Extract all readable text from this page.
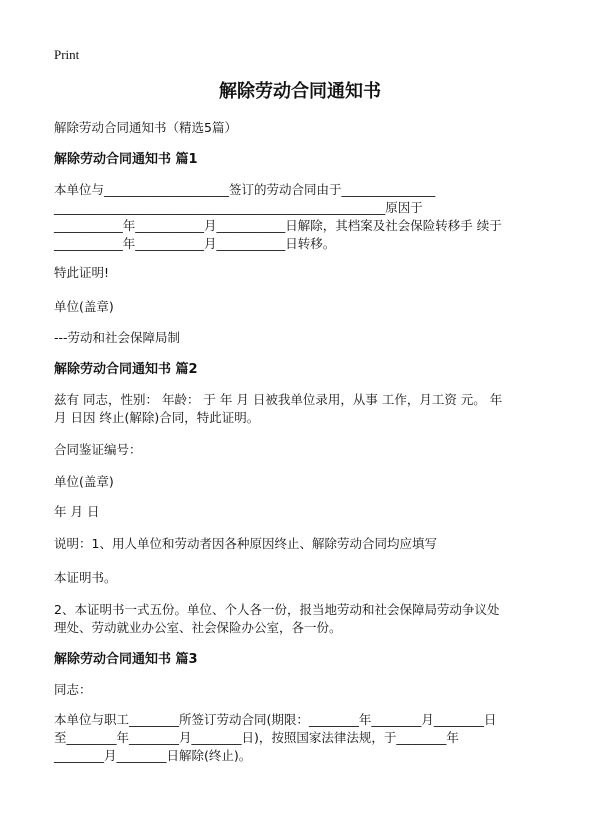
Print
解除劳动合同通知书
解除劳动合同通知书（精选5篇）
解除劳动合同通知书 篇1
本单位与____________________签订的劳动合同由于_______________
_____________________________________________________原因于
___________年___________月___________日解除，其档案及社会保险转移手 续于
___________年___________月___________日转移。
特此证明!
单位(盖章)
---劳动和社会保障局制
解除劳动合同通知书 篇2
兹有 同志，性别： 年龄： 于 年 月 日被我单位录用，从事 工作，月工资 元。 年
月 日因 终止(解除)合同，特此证明。
合同鉴证编号：
单位(盖章)
年 月 日
说明：1、用人单位和劳动者因各种原因终止、解除劳动合同均应填写
本证明书。
2、本证明书一式五份。单位、个人各一份，报当地劳动和社会保障局劳动争议处
理处、劳动就业办公室、社会保险办公室，各一份。
解除劳动合同通知书 篇3
同志：
本单位与职工________所签订劳动合同(期限：________年________月________日
至________年________月________日)，按照国家法律法规，于________年
________月________日解除(终止)。
